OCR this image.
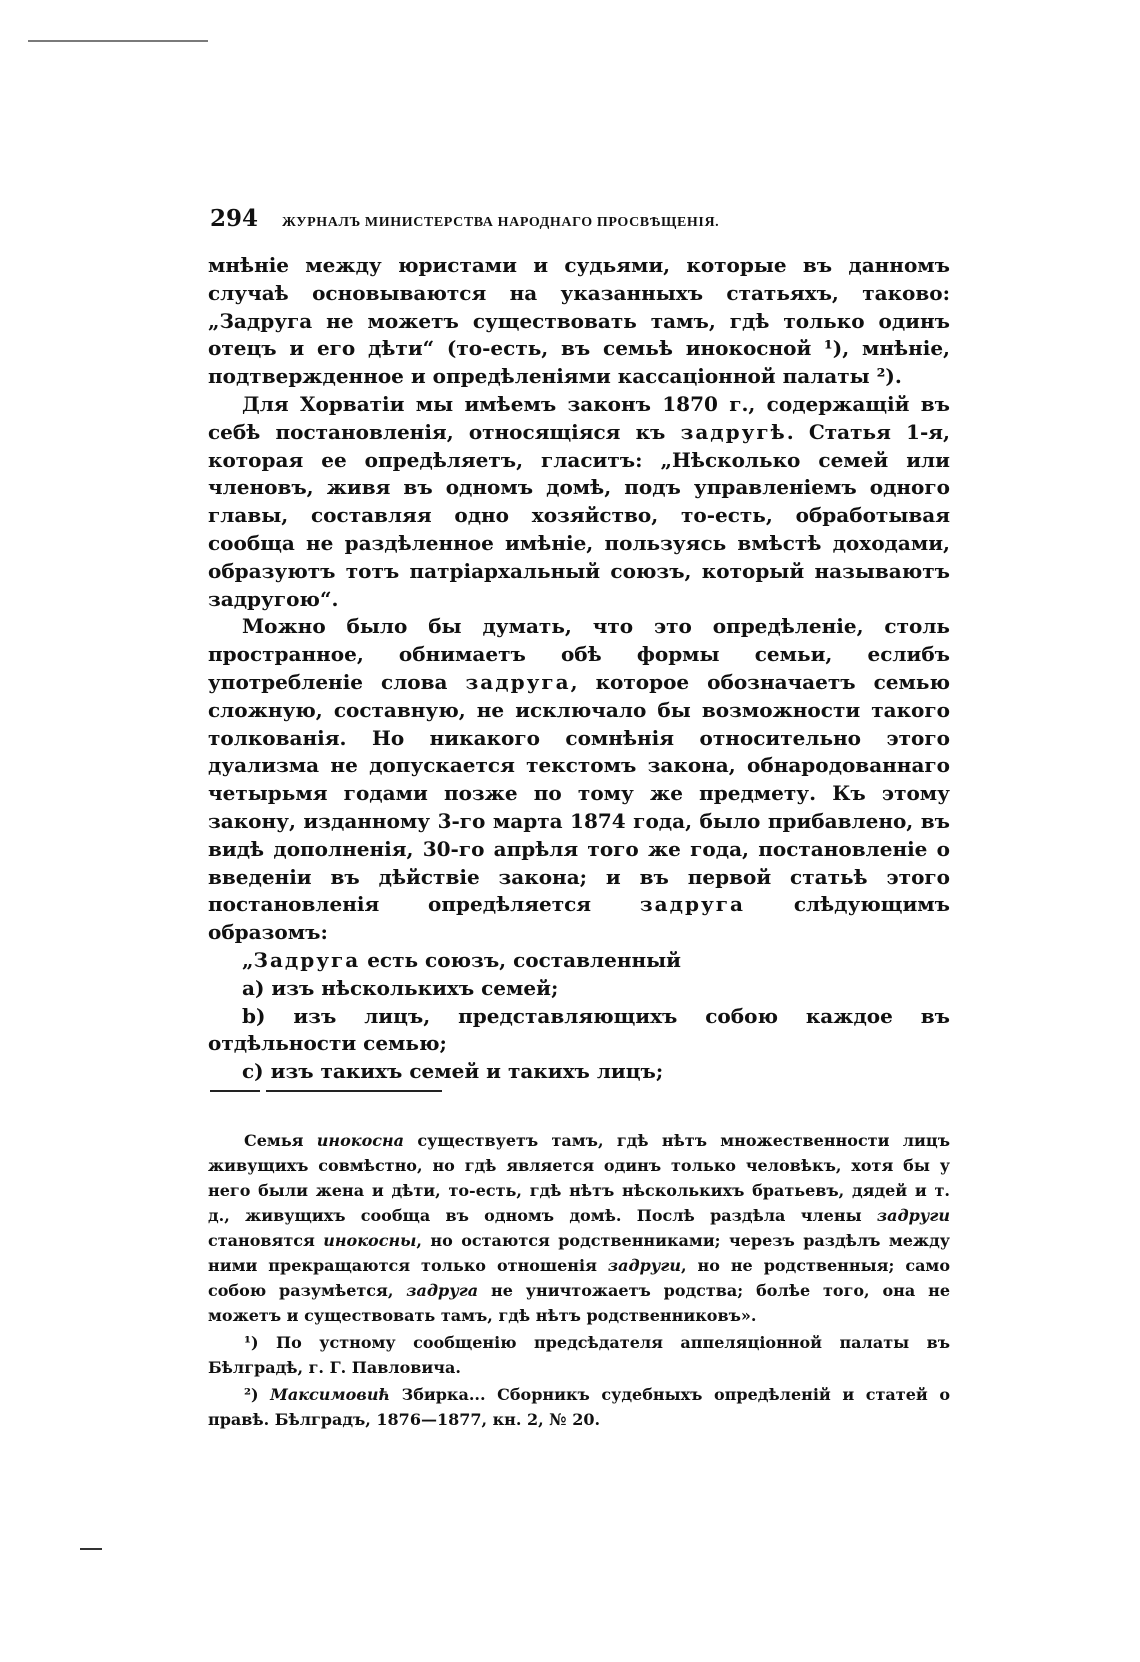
294	ЖУРНАЛЪ МИНИСТЕРСТВА НАРОДНАГО ПРОСВѢЩЕНІЯ.

мнѣніе между юристами и судьями, которые въ данномъ случаѣ основываются на указанныхъ статьяхъ, таково: „Задруга не можетъ существовать тамъ, гдѣ только одинъ отецъ и его дѣти“ (то-есть, въ семьѣ инокосной ¹), мнѣніе, подтвержденное и опредѣленіями кассаціонной палаты ²).

Для Хорватіи мы имѣемъ законъ 1870 г., содержащій въ себѣ постановленія, относящіяся къ задругѣ. Статья 1-я, которая ее опредѣляетъ, гласитъ: „Нѣсколько семей или членовъ, живя въ одномъ домѣ, подъ управленіемъ одного главы, составляя одно хозяйство, то-есть, обработывая сообща не раздѣленное имѣніе, пользуясь вмѣстѣ доходами, образуютъ тотъ патріархальный союзъ, который называютъ задругою“.

Можно было бы думать, что это опредѣленіе, столь пространное, обнимаетъ обѣ формы семьи, еслибъ употребленіе слова задруга, которое обозначаетъ семью сложную, составную, не исключало бы возможности такого толкованія. Но никакого сомнѣнія относительно этого дуализма не допускается текстомъ закона, обнародованнаго четырьмя годами позже по тому же предмету. Къ этому закону, изданному 3-го марта 1874 года, было прибавлено, въ видѣ дополненія, 30-го апрѣля того же года, постановленіе о введеніи въ дѣйствіе закона; и въ первой статьѣ этого постановленія опредѣляется задруга слѣдующимъ образомъ:

„Задруга есть союзъ, составленный

a) изъ нѣсколькихъ семей;

b) изъ лицъ, представляющихъ собою каждое въ отдѣльности семью;

c) изъ такихъ семей и такихъ лицъ;

Семья инокосна существуетъ тамъ, гдѣ нѣтъ множественности лицъ живущихъ совмѣстно, но гдѣ является одинъ только человѣкъ, хотя бы у него были жена и дѣти, то-есть, гдѣ нѣтъ нѣсколькихъ братьевъ, дядей и т. д., живущихъ сообща въ одномъ домѣ. Послѣ раздѣла члены задруги становятся инокосны, но остаются родственниками; черезъ раздѣлъ между ними прекращаются только отношенія задруги, но не родственныя; само собою разумѣется, задруга не уничтожаетъ родства; болѣе того, она не можетъ и существовать тамъ, гдѣ нѣтъ родственниковъ».

¹) По устному сообщенію предсѣдателя аппеляціонной палаты въ Бѣлградѣ, г. Г. Павловича.

²) Максимовић Збирка... Сборникъ судебныхъ опредѣленій и статей о правѣ. Бѣлградъ, 1876—1877, кн. 2, № 20.
